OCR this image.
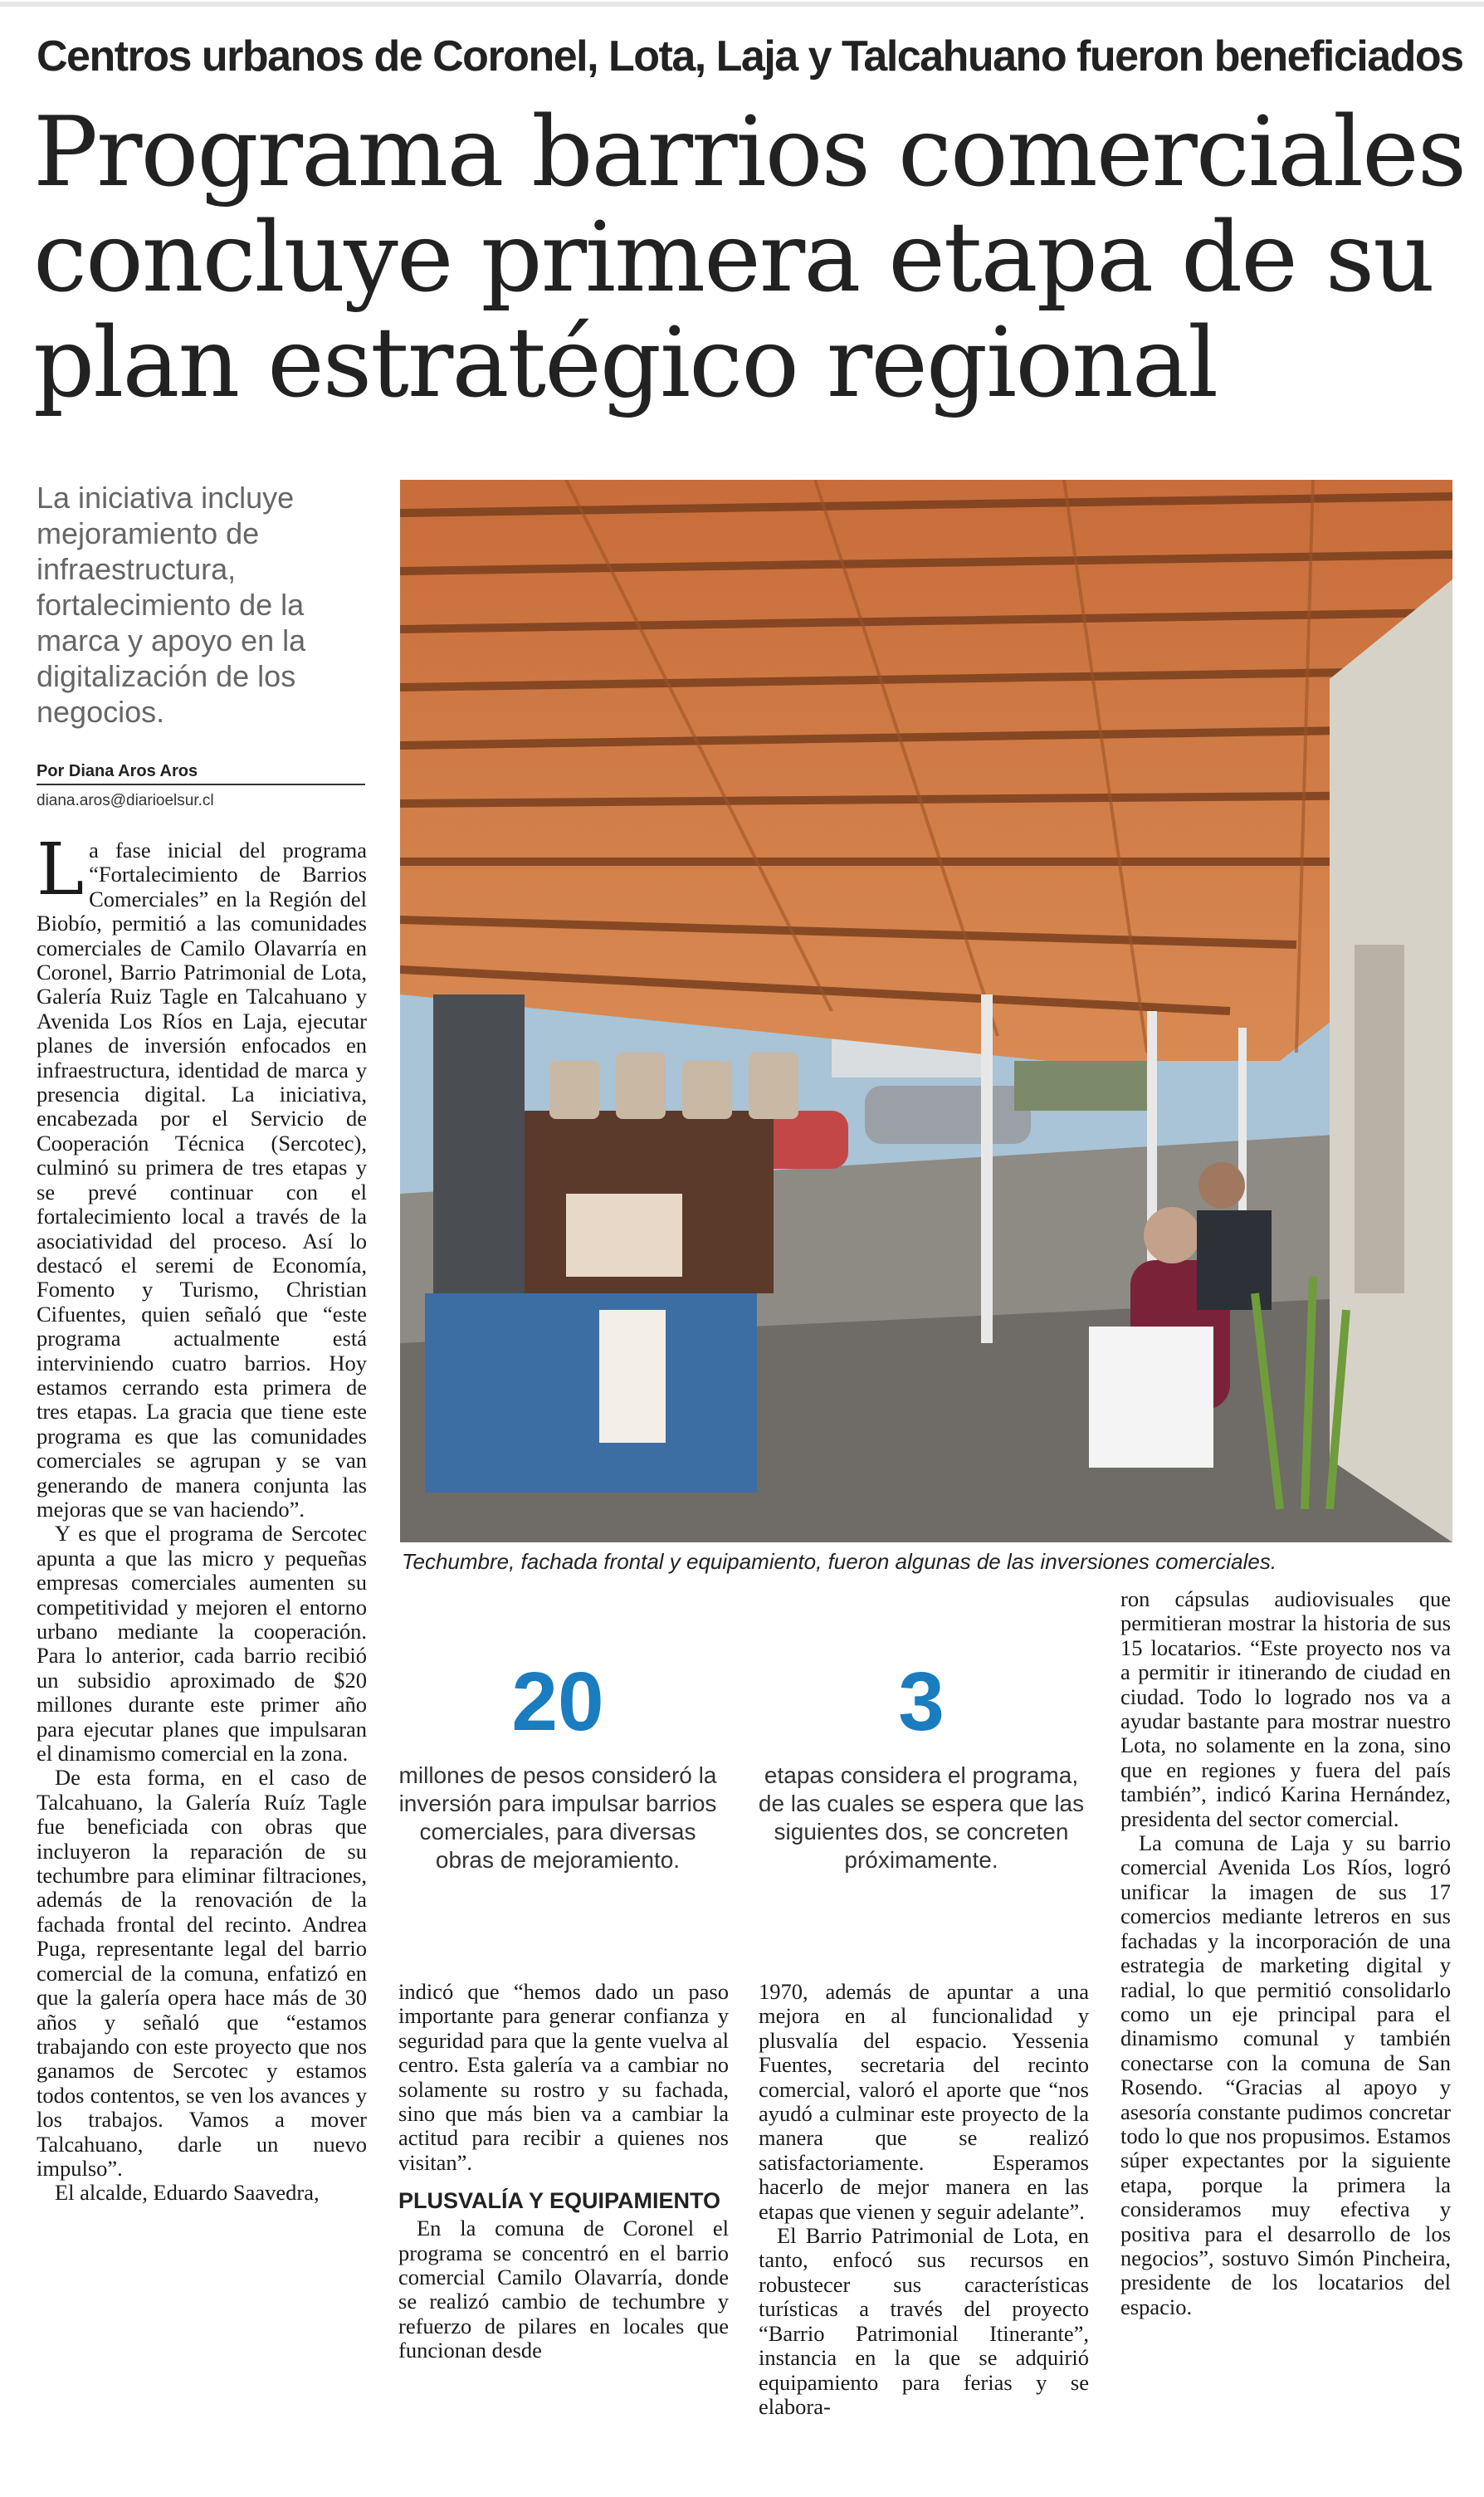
Centros urbanos de Coronel, Lota, Laja y Talcahuano fueron beneficiados
Programa barrios comerciales
concluye primera etapa de su
plan estratégico regional
La iniciativa incluye mejoramiento de infraestructura, fortalecimiento de la marca y apoyo en la digitalización de los negocios.
Por Diana Aros Aros
diana.aros@diarioelsur.cl
Techumbre, fachada frontal y equipamiento, fueron algunas de las inversiones comerciales.

La fase inicial del programa “Fortalecimiento de Barrios Comerciales” en la Región del Biobío, permitió a las comunidades comerciales de Camilo Olavarría en Coronel, Barrio Patrimonial de Lota, Galería Ruiz Tagle en Talcahuano y Avenida Los Ríos en Laja, ejecutar planes de inversión enfocados en infraestructura, identidad de marca y presencia digital. La iniciativa, encabezada por el Servicio de Cooperación Técnica (Sercotec), culminó su primera de tres etapas y se prevé continuar con el fortalecimiento local a través de la asociatividad del proceso. Así lo destacó el seremi de Economía, Fomento y Turismo, Christian Cifuentes, quien señaló que “este programa actualmente está interviniendo cuatro barrios. Hoy estamos cerrando esta primera de tres etapas. La gracia que tiene este programa es que las comunidades comerciales se agrupan y se van generando de manera conjunta las mejoras que se van haciendo”.

Y es que el programa de Sercotec apunta a que las micro y pequeñas empresas comerciales aumenten su competitividad y mejoren el entorno urbano mediante la cooperación. Para lo anterior, cada barrio recibió un subsidio aproximado de $20 millones durante este primer año para ejecutar planes que impulsaran el dinamismo comercial en la zona.

De esta forma, en el caso de Talcahuano, la Galería Ruíz Tagle fue beneficiada con obras que incluyeron la reparación de su techumbre para eliminar filtraciones, además de la renovación de la fachada frontal del recinto. Andrea Puga, representante legal del barrio comercial de la comuna, enfatizó en que la galería opera hace más de 30 años y señaló que “estamos trabajando con este proyecto que nos ganamos de Sercotec y estamos todos contentos, se ven los avances y los trabajos. Vamos a mover Talcahuano, darle un nuevo impulso”.

El alcalde, Eduardo Saavedra,

20
millones de pesos consideró la inversión para impulsar barrios comerciales, para diversas obras de mejoramiento.
3
etapas considera el programa, de las cuales se espera que las siguientes dos, se concreten próximamente.

indicó que “hemos dado un paso importante para generar confianza y seguridad para que la gente vuelva al centro. Esta galería va a cambiar no solamente su rostro y su fachada, sino que más bien va a cambiar la actitud para recibir a quienes nos visitan”.

PLUSVALÍA Y EQUIPAMIENTO

En la comuna de Coronel el programa se concentró en el barrio comercial Camilo Olavarría, donde se realizó cambio de techumbre y refuerzo de pilares en locales que funcionan desde

1970, además de apuntar a una mejora en al funcionalidad y plusvalía del espacio. Yessenia Fuentes, secretaria del recinto comercial, valoró el aporte que “nos ayudó a culminar este proyecto de la manera que se realizó satisfactoriamente. Esperamos hacerlo de mejor manera en las etapas que vienen y seguir adelante”.

El Barrio Patrimonial de Lota, en tanto, enfocó sus recursos en robustecer sus características turísticas a través del proyecto “Barrio Patrimonial Itinerante”, instancia en la que se adquirió equipamiento para ferias y se elabora-

ron cápsulas audiovisuales que permitieran mostrar la historia de sus 15 locatarios. “Este proyecto nos va a permitir ir itinerando de ciudad en ciudad. Todo lo logrado nos va a ayudar bastante para mostrar nuestro Lota, no solamente en la zona, sino que en regiones y fuera del país también”, indicó Karina Hernández, presidenta del sector comercial.

La comuna de Laja y su barrio comercial Avenida Los Ríos, logró unificar la imagen de sus 17 comercios mediante letreros en sus fachadas y la incorporación de una estrategia de marketing digital y radial, lo que permitió consolidarlo como un eje principal para el dinamismo comunal y también conectarse con la comuna de San Rosendo. “Gracias al apoyo y asesoría constante pudimos concretar todo lo que nos propusimos. Estamos súper expectantes por la siguiente etapa, porque la primera la consideramos muy efectiva y positiva para el desarrollo de los negocios”, sostuvo Simón Pincheira, presidente de los locatarios del espacio.
